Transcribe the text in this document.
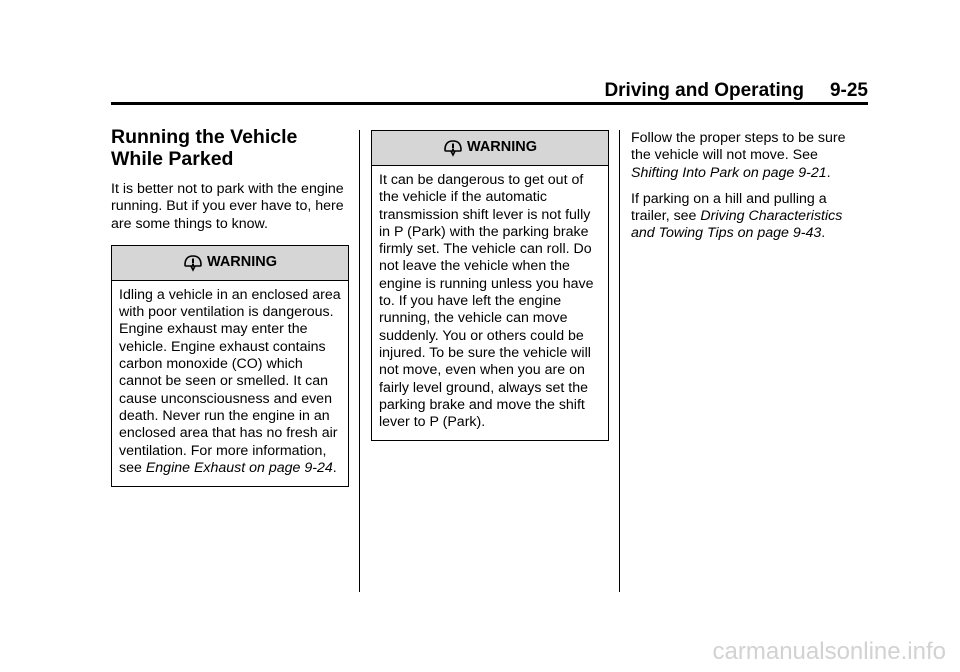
Driving and Operating 9-25
Running the Vehicle
While Parked

It is better not to park with the engine running. But if you ever have to, here are some things to know.

WARNING
Idling a vehicle in an enclosed area with poor ventilation is dangerous. Engine exhaust may enter the vehicle. Engine exhaust contains carbon monoxide (CO) which cannot be seen or smelled. It can cause unconsciousness and even death. Never run the engine in an enclosed area that has no fresh air ventilation. For more information, see Engine Exhaust on page 9-24.
WARNING
It can be dangerous to get out of the vehicle if the automatic transmission shift lever is not fully in P (Park) with the parking brake firmly set. The vehicle can roll. Do not leave the vehicle when the engine is running unless you have to. If you have left the engine running, the vehicle can move suddenly. You or others could be injured. To be sure the vehicle will not move, even when you are on fairly level ground, always set the parking brake and move the shift lever to P (Park).

Follow the proper steps to be sure the vehicle will not move. See Shifting Into Park on page 9-21.

If parking on a hill and pulling a trailer, see Driving Characteristics and Towing Tips on page 9-43.

carmanualsonline.info
